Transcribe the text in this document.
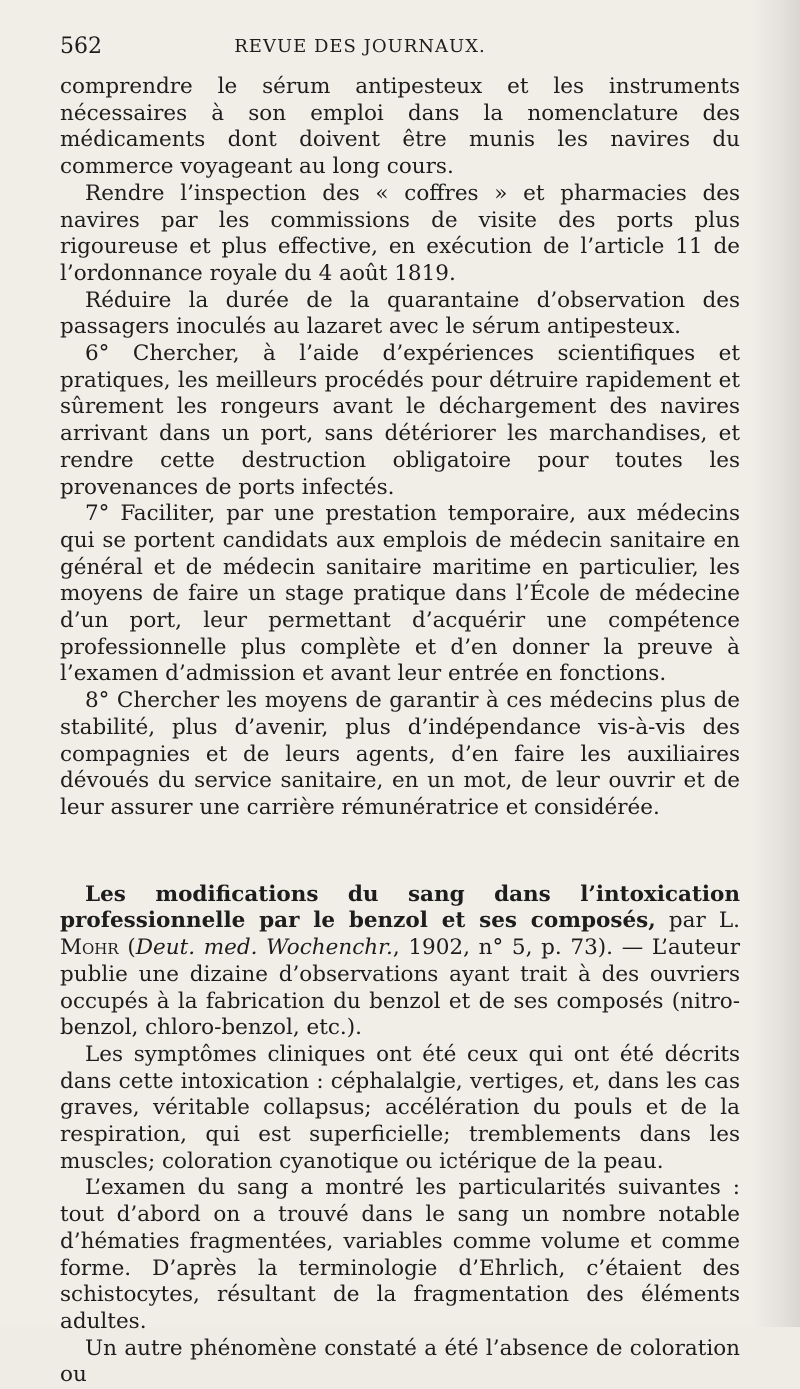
562	REVUE DES JOURNAUX.

comprendre le sérum antipesteux et les instruments nécessaires à son emploi dans la nomenclature des médicaments dont doivent être munis les navires du commerce voyageant au long cours.

Rendre l’inspection des « coffres » et pharmacies des navires par les commissions de visite des ports plus rigoureuse et plus effective, en exécution de l’article 11 de l’ordonnance royale du 4 août 1819.

Réduire la durée de la quarantaine d’observation des passagers inoculés au lazaret avec le sérum antipesteux.

6° Chercher, à l’aide d’expériences scientifiques et pratiques, les meilleurs procédés pour détruire rapidement et sûrement les rongeurs avant le déchargement des navires arrivant dans un port, sans détériorer les marchandises, et rendre cette destruction obligatoire pour toutes les provenances de ports infectés.

7° Faciliter, par une prestation temporaire, aux médecins qui se portent candidats aux emplois de médecin sanitaire en général et de médecin sanitaire maritime en particulier, les moyens de faire un stage pratique dans l’École de médecine d’un port, leur permettant d’acquérir une compétence professionnelle plus complète et d’en donner la preuve à l’examen d’admission et avant leur entrée en fonctions.

8° Chercher les moyens de garantir à ces médecins plus de stabilité, plus d’avenir, plus d’indépendance vis-à-vis des compagnies et de leurs agents, d’en faire les auxiliaires dévoués du service sanitaire, en un mot, de leur ouvrir et de leur assurer une carrière rémunératrice et considérée.

Les modifications du sang dans l’intoxication professionnelle par le benzol et ses composés, par L. Mohr (Deut. med. Wochenchr., 1902, n° 5, p. 73). — L’auteur publie une dizaine d’observations ayant trait à des ouvriers occupés à la fabrication du benzol et de ses composés (nitro-benzol, chloro-benzol, etc.).

Les symptômes cliniques ont été ceux qui ont été décrits dans cette intoxication : céphalalgie, vertiges, et, dans les cas graves, véritable collapsus; accélération du pouls et de la respiration, qui est superficielle; tremblements dans les muscles; coloration cyanotique ou ictérique de la peau.

L’examen du sang a montré les particularités suivantes : tout d’abord on a trouvé dans le sang un nombre notable d’hématies fragmentées, variables comme volume et comme forme. D’après la terminologie d’Ehrlich, c’étaient des schistocytes, résultant de la fragmentation des éléments adultes.

Un autre phénomène constaté a été l’absence de coloration ou
